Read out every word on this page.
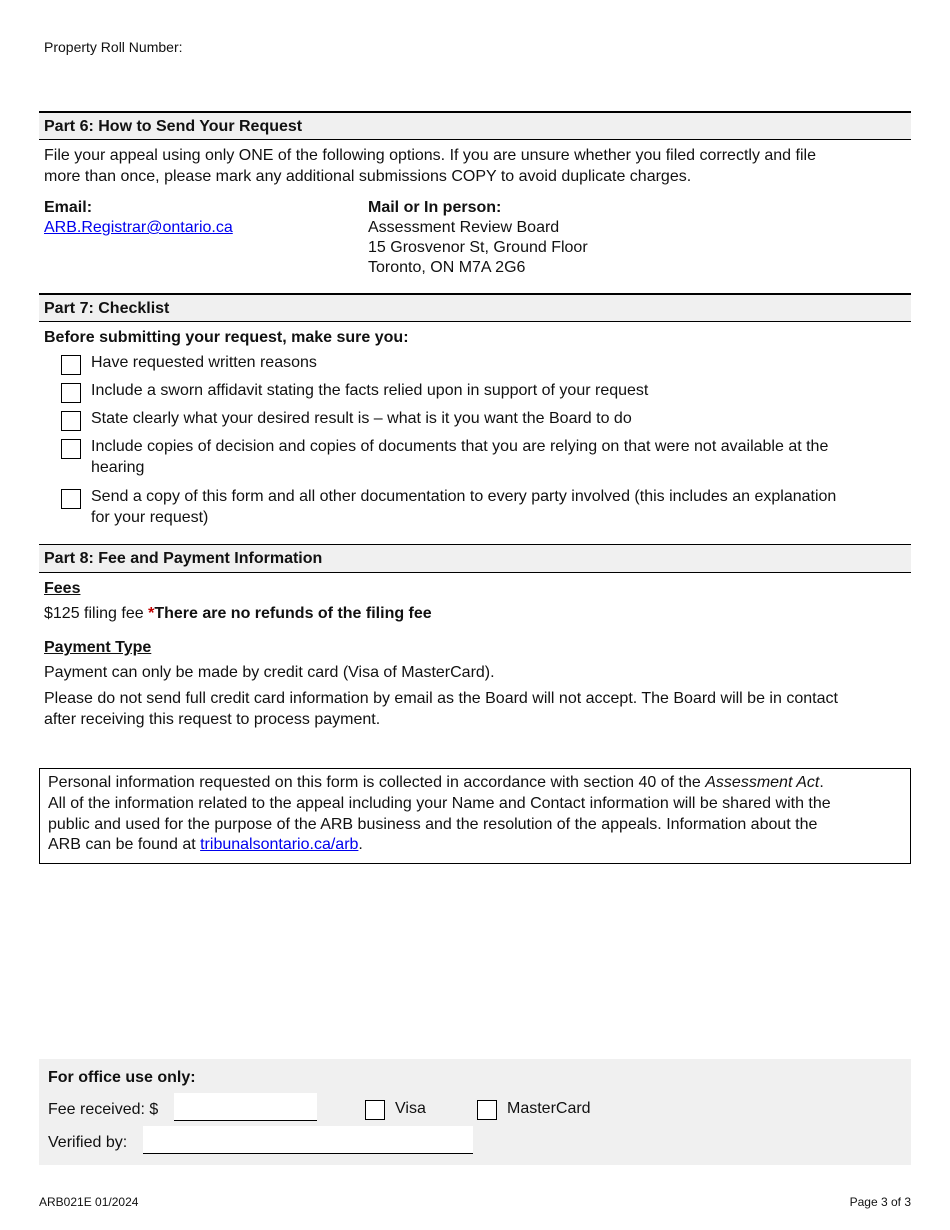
Property Roll Number:
Part 6: How to Send Your Request
File your appeal using only ONE of the following options. If you are unsure whether you filed correctly and file
more than once, please mark any additional submissions COPY to avoid duplicate charges.
Email:
ARB.Registrar@ontario.ca
Mail or In person:
Assessment Review Board
15 Grosvenor St, Ground Floor
Toronto, ON M7A 2G6
Part 7: Checklist
Before submitting your request, make sure you:
Have requested written reasons
Include a sworn affidavit stating the facts relied upon in support of your request
State clearly what your desired result is – what is it you want the Board to do
Include copies of decision and copies of documents that you are relying on that were not available at the
hearing
Send a copy of this form and all other documentation to every party involved (this includes an explanation
for your request)
Part 8: Fee and Payment Information
Fees
$125 filing fee *There are no refunds of the filing fee
Payment Type
Payment can only be made by credit card (Visa of MasterCard).
Please do not send full credit card information by email as the Board will not accept. The Board will be in contact
after receiving this request to process payment.
Personal information requested on this form is collected in accordance with section 40 of the Assessment Act.
All of the information related to the appeal including your Name and Contact information will be shared with the
public and used for the purpose of the ARB business and the resolution of the appeals. Information about the
ARB can be found at tribunalsontario.ca/arb.
For office use only:
Fee received: $	Visa	MasterCard
Verified by:
ARB021E 01/2024	Page 3 of 3
